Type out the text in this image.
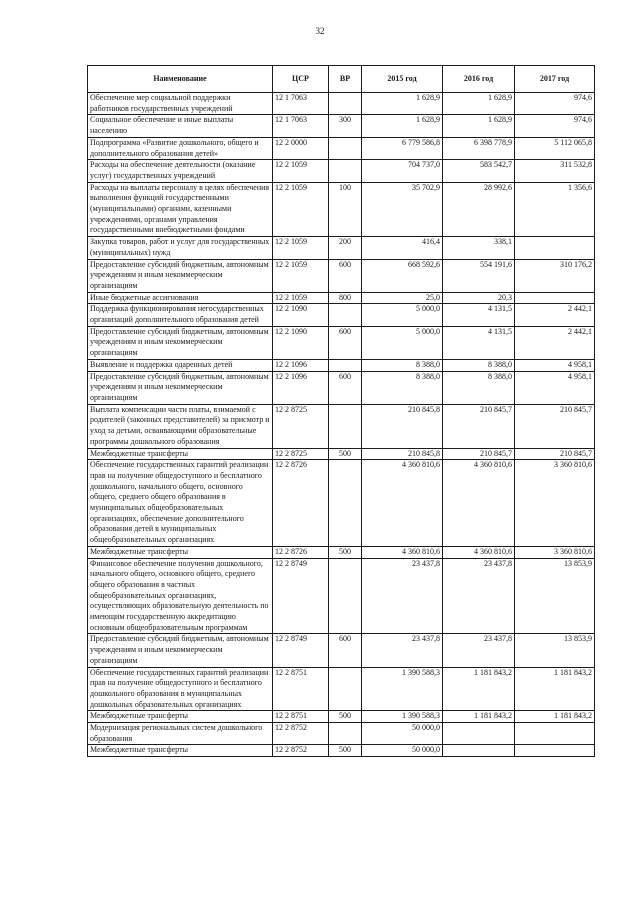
32
Наименование	ЦСР	ВР	2015 год	2016 год	2017 год
Обеспечение мер социальной поддержки работников государственных учреждений	12 1 7063		1 628,9	1 628,9	974,6
Социальное обеспечение и иные выплаты населению	12 1 7063	300	1 628,9	1 628,9	974,6
Подпрограмма «Развитие дошкольного, общего и дополнительного образования детей»	12 2 0000		6 779 586,8	6 398 778,9	5 112 065,8
Расходы на обеспечение деятельности (оказание услуг) государственных учреждений	12 2 1059		704 737,0	583 542,7	311 532,8
Расходы на выплаты персоналу в целях обеспечения выполнения функций государственными (муниципальными) органами, казенными учреждениями, органами управления государственными внебюджетными фондами	12 2 1059	100	35 702,9	28 992,6	1 356,6
Закупка товаров, работ и услуг для государственных (муниципальных) нужд	12 2 1059	200	416,4	338,1	
Предоставление субсидий бюджетным, автономным учреждениям и иным некоммерческим организациям	12 2 1059	600	668 592,6	554 191,6	310 176,2
Иные бюджетные ассигнования	12 2 1059	800	25,0	20,3	
Поддержка функционирования негосударственных организаций дополнительного образования детей	12 2 1090		5 000,0	4 131,5	2 442,1
Предоставление субсидий бюджетным, автономным учреждениям и иным некоммерческим организациям	12 2 1090	600	5 000,0	4 131,5	2 442,1
Выявление и поддержка одаренных детей	12 2 1096		8 388,0	8 388,0	4 958,1
Предоставление субсидий бюджетным, автономным учреждениям и иным некоммерческим организациям	12 2 1096	600	8 388,0	8 388,0	4 958,1
Выплата компенсации части платы, взимаемой с родителей (законных представителей) за присмотр и уход за детьми, осваивающими образовательные программы дошкольного образования	12 2 8725		210 845,8	210 845,7	210 845,7
Межбюджетные трансферты	12 2 8725	500	210 845,8	210 845,7	210 845,7
Обеспечение государственных гарантий реализации прав на получение общедоступного и бесплатного дошкольного, начального общего, основного общего, среднего общего образования в муниципальных общеобразовательных организациях, обеспечение дополнительного образования детей в муниципальных общеобразовательных организациях	12 2 8726		4 360 810,6	4 360 810,6	3 360 810,6
Межбюджетные трансферты	12 2 8726	500	4 360 810,6	4 360 810,6	3 360 810,6
Финансовое обеспечение получения дошкольного, начального общего, основного общего, среднего общего образования в частных общеобразовательных организациях, осуществляющих образовательную деятельность по имеющим государственную аккредитацию основным общеобразовательным программам	12 2 8749		23 437,8	23 437,8	13 853,9
Предоставление субсидий бюджетным, автономным учреждениям и иным некоммерческим организациям	12 2 8749	600	23 437,8	23 437,8	13 853,9
Обеспечение государственных гарантий реализации прав на получение общедоступного и бесплатного дошкольного образования в муниципальных дошкольных образовательных организациях	12 2 8751		1 390 588,3	1 181 843,2	1 181 843,2
Межбюджетные трансферты	12 2 8751	500	1 390 588,3	1 181 843,2	1 181 843,2
Модернизация региональных систем дошкольного образования	12 2 8752		50 000,0		
Межбюджетные трансферты	12 2 8752	500	50 000,0		
